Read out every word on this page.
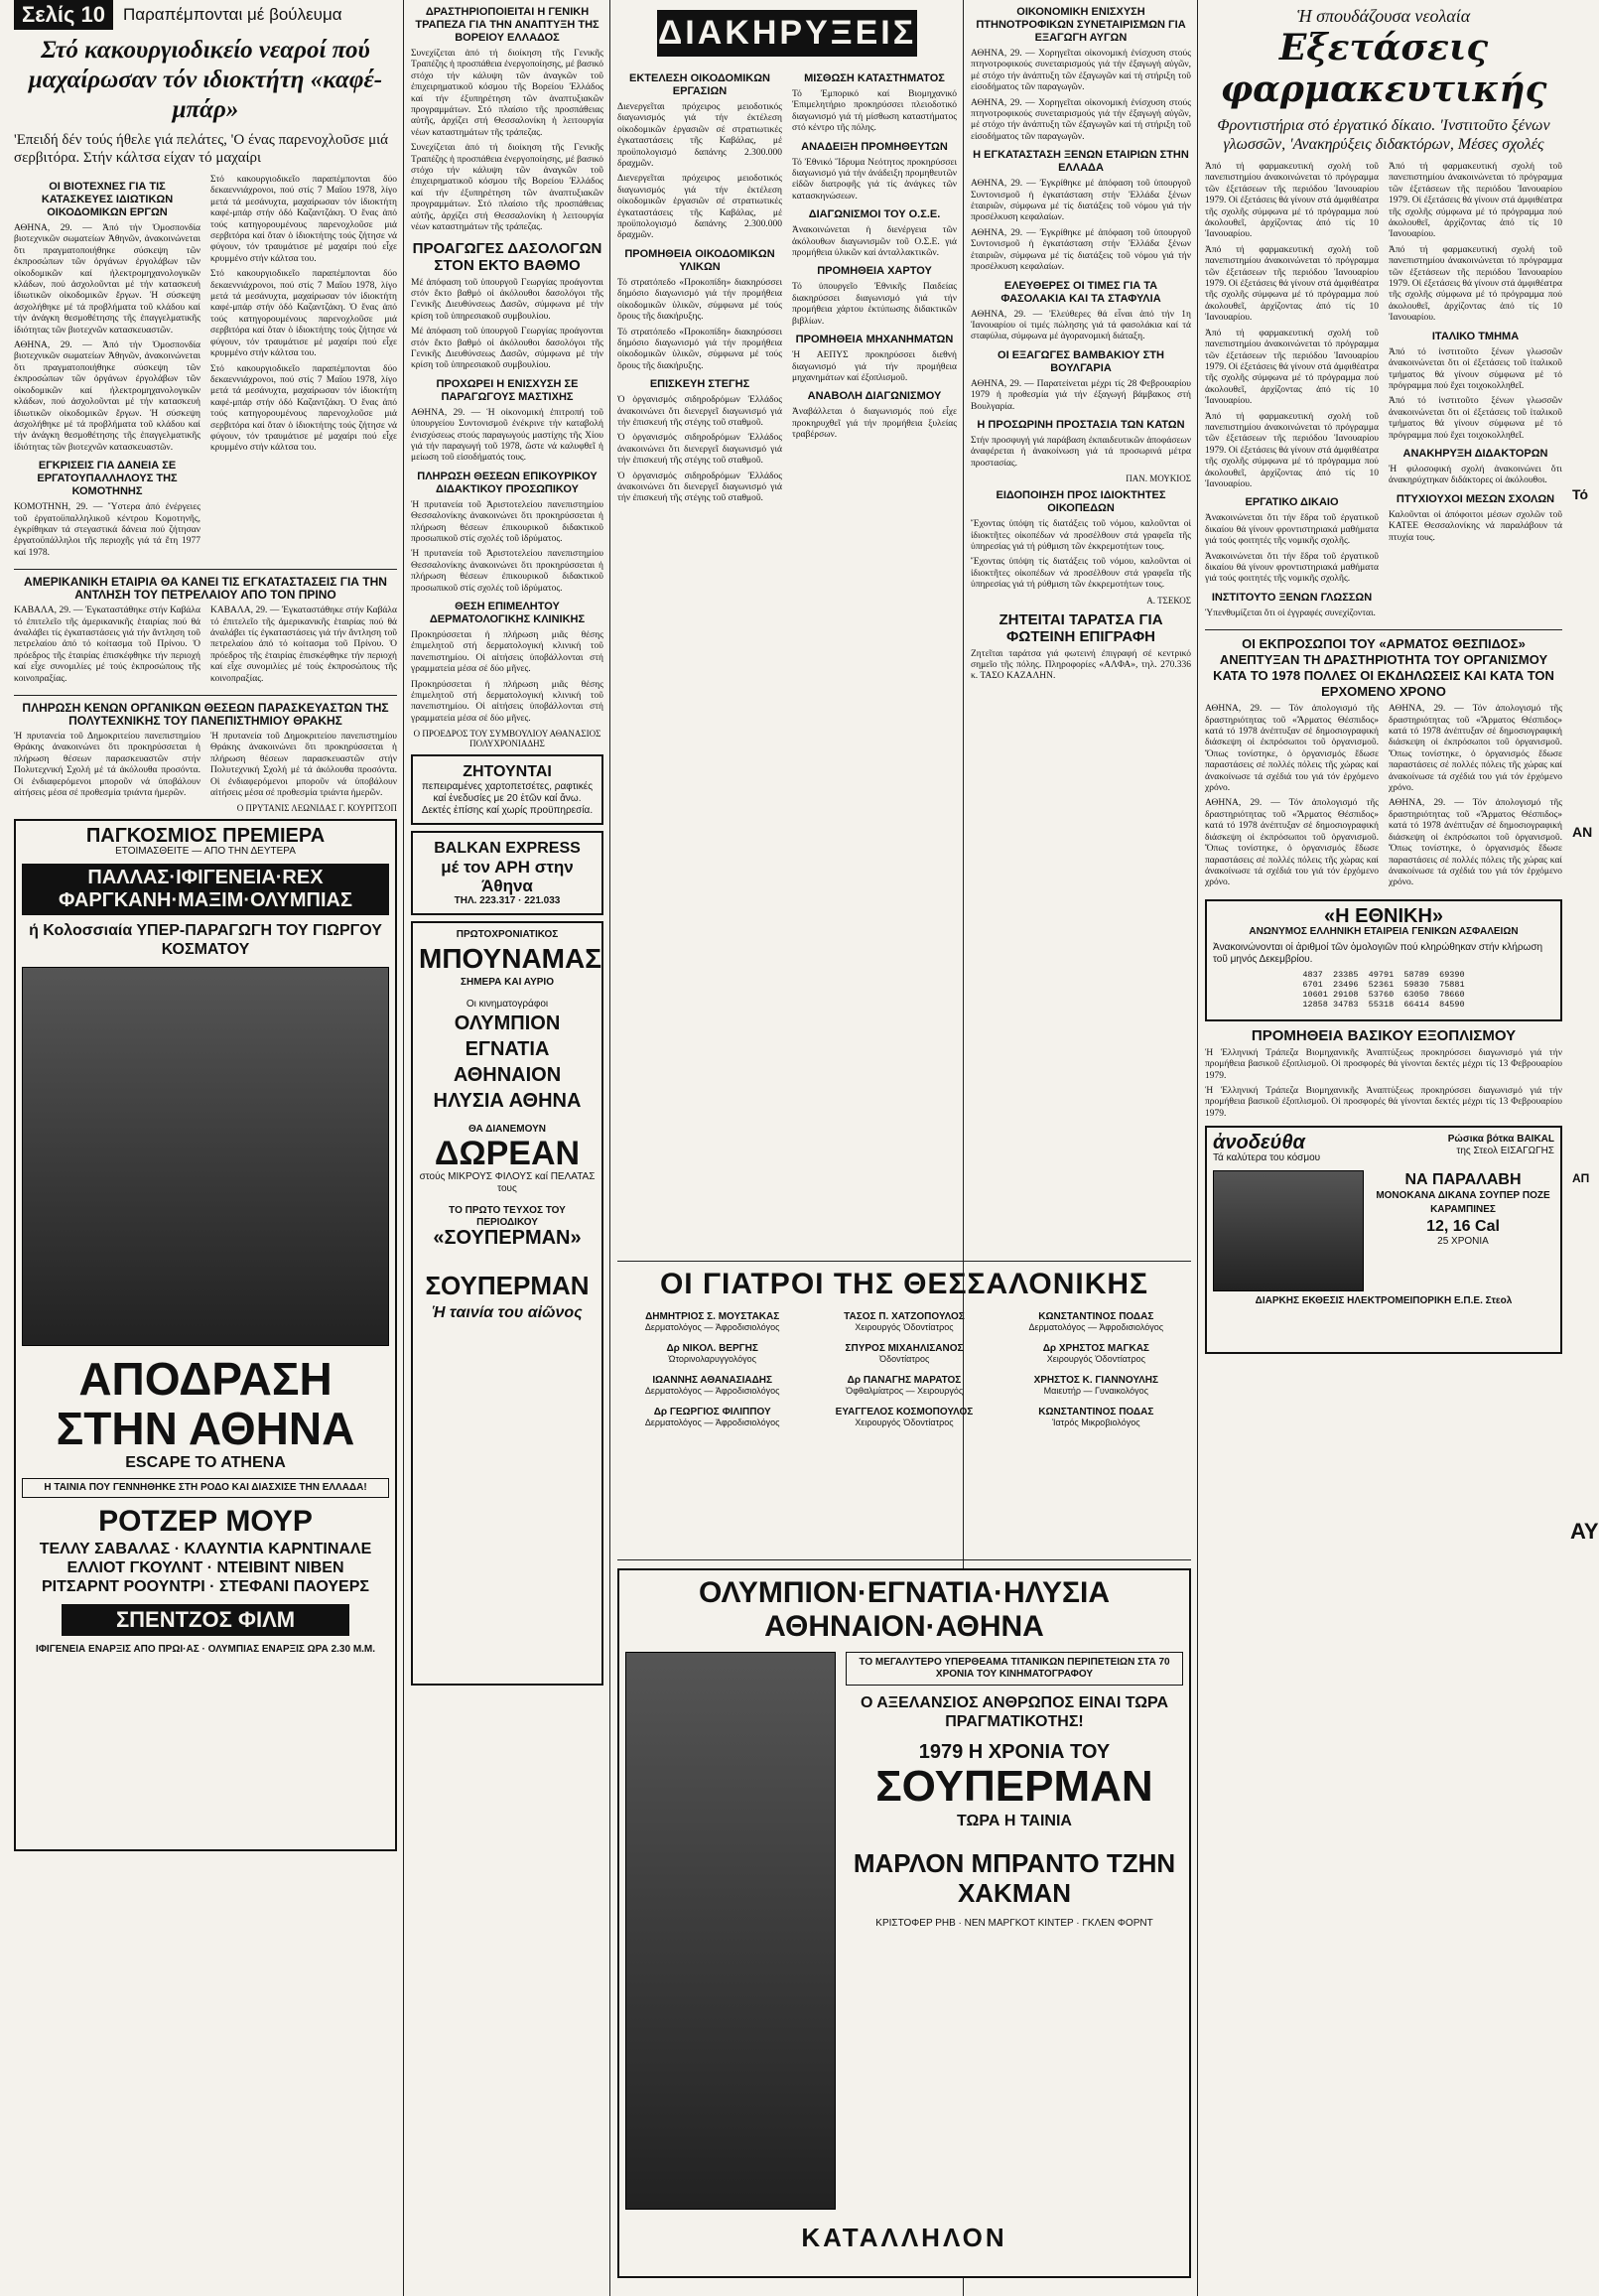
Σελίς 10	Παραπέμπονται μέ βούλευμα
Στό κακουργιοδικείο νεαροί πού μαχαίρωσαν τόν ιδιοκτήτη «καφέ-μπάρ»
'Επειδή δέν τούς ήθελε γιά πελάτες, 'Ο ένας παρενοχλοῦσε μιά σερβιτόρα. Στήν κάλτσα είχαν τό μαχαίρι
ΟΙ ΒΙΟΤΕΧΝΕΣ ΓΙΑ ΤΙΣ ΚΑΤΑΣΚΕΥΕΣ ΙΔΙΩΤΙΚΩΝ ΟΙΚΟΔΟΜΙΚΩΝ ΕΡΓΩΝ

ΑΘΗΝΑ, 29. — Ἀπό τήν Ὁμοσπονδία βιοτεχνικῶν σωματείων Ἀθηνῶν, ἀνακοινώνεται ὅτι πραγματοποιήθηκε σύσκεψη τῶν ἐκπροσώπων τῶν ὀργάνων ἐργολάβων τῶν οἰκοδομικῶν καί ἠλεκτρομηχανολογικῶν κλάδων, πού ἀσχολοῦνται μέ τήν κατασκευή ἰδιωτικῶν οἰκοδομικῶν ἔργων. Ἡ σύσκεψη ἀσχολήθηκε μέ τά προβλήματα τοῦ κλάδου καί τήν ἀνάγκη θεσμοθέτησης τῆς ἐπαγγελματικῆς ἰδιότητας τῶν βιοτεχνῶν κατασκευαστῶν.

ΑΘΗΝΑ, 29. — Ἀπό τήν Ὁμοσπονδία βιοτεχνικῶν σωματείων Ἀθηνῶν, ἀνακοινώνεται ὅτι πραγματοποιήθηκε σύσκεψη τῶν ἐκπροσώπων τῶν ὀργάνων ἐργολάβων τῶν οἰκοδομικῶν καί ἠλεκτρομηχανολογικῶν κλάδων, πού ἀσχολοῦνται μέ τήν κατασκευή ἰδιωτικῶν οἰκοδομικῶν ἔργων. Ἡ σύσκεψη ἀσχολήθηκε μέ τά προβλήματα τοῦ κλάδου καί τήν ἀνάγκη θεσμοθέτησης τῆς ἐπαγγελματικῆς ἰδιότητας τῶν βιοτεχνῶν κατασκευαστῶν.

ΕΓΚΡΙΣΕΙΣ ΓΙΑ ΔΑΝΕΙΑ ΣΕ ΕΡΓΑΤΟΥΠΑΛΛΗΛΟΥΣ ΤΗΣ ΚΟΜΟΤΗΝΗΣ

ΚΟΜΟΤΗΝΗ, 29. — Ὕστερα ἀπό ἐνέργειες τοῦ ἐργατοϋπαλληλικοῦ κέντρου Κομοτηνῆς, ἐγκρίθηκαν τά στεγαστικά δάνεια πού ζήτησαν ἐργατοϋπάλληλοι τῆς περιοχῆς γιά τά ἔτη 1977 καί 1978.

Στό κακουργιοδικεῖο παραπέμπονται δύο δεκαεννιάχρονοι, πού στίς 7 Μαΐου 1978, λίγο μετά τά μεσάνυχτα, μαχαίρωσαν τόν ἰδιοκτήτη καφέ-μπάρ στήν ὁδό Καζαντζάκη. Ὁ ἕνας ἀπό τούς κατηγορουμένους παρενοχλοῦσε μιά σερβιτόρα καί ὅταν ὁ ἰδιοκτήτης τούς ζήτησε νά φύγουν, τόν τραυμάτισε μέ μαχαίρι πού εἶχε κρυμμένο στήν κάλτσα του.

Στό κακουργιοδικεῖο παραπέμπονται δύο δεκαεννιάχρονοι, πού στίς 7 Μαΐου 1978, λίγο μετά τά μεσάνυχτα, μαχαίρωσαν τόν ἰδιοκτήτη καφέ-μπάρ στήν ὁδό Καζαντζάκη. Ὁ ἕνας ἀπό τούς κατηγορουμένους παρενοχλοῦσε μιά σερβιτόρα καί ὅταν ὁ ἰδιοκτήτης τούς ζήτησε νά φύγουν, τόν τραυμάτισε μέ μαχαίρι πού εἶχε κρυμμένο στήν κάλτσα του.

Στό κακουργιοδικεῖο παραπέμπονται δύο δεκαεννιάχρονοι, πού στίς 7 Μαΐου 1978, λίγο μετά τά μεσάνυχτα, μαχαίρωσαν τόν ἰδιοκτήτη καφέ-μπάρ στήν ὁδό Καζαντζάκη. Ὁ ἕνας ἀπό τούς κατηγορουμένους παρενοχλοῦσε μιά σερβιτόρα καί ὅταν ὁ ἰδιοκτήτης τούς ζήτησε νά φύγουν, τόν τραυμάτισε μέ μαχαίρι πού εἶχε κρυμμένο στήν κάλτσα του.

ΑΜΕΡΙΚΑΝΙΚΗ ΕΤΑΙΡΙΑ ΘΑ ΚΑΝΕΙ ΤΙΣ ΕΓΚΑΤΑΣΤΑΣΕΙΣ ΓΙΑ ΤΗΝ ΑΝΤΛΗΣΗ ΤΟΥ ΠΕΤΡΕΛΑΙΟΥ ΑΠΟ ΤΟΝ ΠΡΙΝΟ

ΚΑΒΑΛΑ, 29. — Ἐγκαταστάθηκε στήν Καβάλα τό ἐπιτελεῖο τῆς ἀμερικανικῆς ἑταιρίας πού θά ἀναλάβει τίς ἐγκαταστάσεις γιά τήν ἄντληση τοῦ πετρελαίου ἀπό τό κοίτασμα τοῦ Πρίνου. Ὁ πρόεδρος τῆς ἑταιρίας ἐπισκέφθηκε τήν περιοχή καί εἶχε συνομιλίες μέ τούς ἐκπροσώπους τῆς κοινοπραξίας.

ΚΑΒΑΛΑ, 29. — Ἐγκαταστάθηκε στήν Καβάλα τό ἐπιτελεῖο τῆς ἀμερικανικῆς ἑταιρίας πού θά ἀναλάβει τίς ἐγκαταστάσεις γιά τήν ἄντληση τοῦ πετρελαίου ἀπό τό κοίτασμα τοῦ Πρίνου. Ὁ πρόεδρος τῆς ἑταιρίας ἐπισκέφθηκε τήν περιοχή καί εἶχε συνομιλίες μέ τούς ἐκπροσώπους τῆς κοινοπραξίας.

ΠΛΗΡΩΣΗ ΚΕΝΩΝ ΟΡΓΑΝΙΚΩΝ ΘΕΣΕΩΝ ΠΑΡΑΣΚΕΥΑΣΤΩΝ ΤΗΣ ΠΟΛΥΤΕΧΝΙΚΗΣ ΤΟΥ ΠΑΝΕΠΙΣΤΗΜΙΟΥ ΘΡΑΚΗΣ

Ἡ πρυτανεία τοῦ Δημοκριτείου πανεπιστημίου Θράκης ἀνακοινώνει ὅτι προκηρύσσεται ἡ πλήρωση θέσεων παρασκευαστῶν στήν Πολυτεχνική Σχολή μέ τά ἀκόλουθα προσόντα. Οἱ ἐνδιαφερόμενοι μποροῦν νά ὑποβάλουν αἰτήσεις μέσα σέ προθεσμία τριάντα ἡμερῶν.

Ἡ πρυτανεία τοῦ Δημοκριτείου πανεπιστημίου Θράκης ἀνακοινώνει ὅτι προκηρύσσεται ἡ πλήρωση θέσεων παρασκευαστῶν στήν Πολυτεχνική Σχολή μέ τά ἀκόλουθα προσόντα. Οἱ ἐνδιαφερόμενοι μποροῦν νά ὑποβάλουν αἰτήσεις μέσα σέ προθεσμία τριάντα ἡμερῶν.

Ο ΠΡΥΤΑΝΙΣ ΛΕΩΝΙΔΑΣ Γ. ΚΟΥΡΙΤΣΟΠ
ΠΑΓΚΟΣΜΙΟΣ ΠΡΕΜΙΕΡΑ
ΕΤΟΙΜΑΣΘΕΙΤΕ — ΑΠΟ ΤΗΝ ΔΕΥΤΕΡΑ
ΠΑΛΛΑΣ·ΙΦΙΓΕΝΕΙΑ·REX ΦΑΡΓΚΑΝΗ·ΜΑΞΙΜ·ΟΛΥΜΠΙΑΣ
ή Κολοσσιαία ΥΠΕΡ-ΠΑΡΑΓΩΓΗ ΤΟΥ ΓΙΩΡΓΟΥ ΚΟΣΜΑΤΟΥ
ΑΠΟΔΡΑΣΗ ΣΤΗΝ ΑΘΗΝΑ
ESCAPE TO ATHENA
Η ΤΑΙΝΙΑ ΠΟΥ ΓΕΝΝΗΘΗΚΕ ΣΤΗ ΡΟΔΟ ΚΑΙ ΔΙΑΣΧΙΣΕ ΤΗΝ ΕΛΛΑΔΑ!
ΡΟΤΖΕΡ ΜΟΥΡ
ΤΕΛΛΥ ΣΑΒΑΛΑΣ · ΚΛΑΥΝΤΙΑ ΚΑΡΝΤΙΝΑΛΕ
ΕΛΛΙΟΤ ΓΚΟΥΛΝΤ · ΝΤΕΙΒΙΝΤ ΝΙΒΕΝ
ΡΙΤΣΑΡΝΤ ΡΟΟΥΝΤΡΙ · ΣΤΕΦΑΝΙ ΠΑΟΥΕΡΣ
ΣΠΕΝΤΖΟΣ ΦΙΛΜ
ΙΦΙΓΕΝΕΙΑ ΕΝΑΡΞΙΣ ΑΠΟ ΠΡΩΙ·ΑΣ · ΟΛΥΜΠΙΑΣ ΕΝΑΡΞΙΣ ΩΡΑ 2.30 Μ.Μ.
ΔΡΑΣΤΗΡΙΟΠΟΙΕΙΤΑΙ Η ΓΕΝΙΚΗ ΤΡΑΠΕΖΑ ΓΙΑ ΤΗΝ ΑΝΑΠΤΥΞΗ ΤΗΣ ΒΟΡΕΙΟΥ ΕΛΛΑΔΟΣ

Συνεχίζεται ἀπό τή διοίκηση τῆς Γενικῆς Τραπέζης ἡ προσπάθεια ἐνεργοποίησης, μέ βασικό στόχο τήν κάλυψη τῶν ἀναγκῶν τοῦ ἐπιχειρηματικοῦ κόσμου τῆς Βορείου Ἑλλάδος καί τήν ἐξυπηρέτηση τῶν ἀναπτυξιακῶν προγραμμάτων. Στό πλαίσιο τῆς προσπάθειας αὐτῆς, ἀρχίζει στή Θεσσαλονίκη ἡ λειτουργία νέων καταστημάτων τῆς τράπεζας.

Συνεχίζεται ἀπό τή διοίκηση τῆς Γενικῆς Τραπέζης ἡ προσπάθεια ἐνεργοποίησης, μέ βασικό στόχο τήν κάλυψη τῶν ἀναγκῶν τοῦ ἐπιχειρηματικοῦ κόσμου τῆς Βορείου Ἑλλάδος καί τήν ἐξυπηρέτηση τῶν ἀναπτυξιακῶν προγραμμάτων. Στό πλαίσιο τῆς προσπάθειας αὐτῆς, ἀρχίζει στή Θεσσαλονίκη ἡ λειτουργία νέων καταστημάτων τῆς τράπεζας.

ΠΡΟΑΓΩΓΕΣ ΔΑΣΟΛΟΓΩΝ ΣΤΟΝ ΕΚΤΟ ΒΑΘΜΟ

Μέ ἀπόφαση τοῦ ὑπουργοῦ Γεωργίας προάγονται στόν ἕκτο βαθμό οἱ ἀκόλουθοι δασολόγοι τῆς Γενικῆς Διευθύνσεως Δασῶν, σύμφωνα μέ τήν κρίση τοῦ ὑπηρεσιακοῦ συμβουλίου.

Μέ ἀπόφαση τοῦ ὑπουργοῦ Γεωργίας προάγονται στόν ἕκτο βαθμό οἱ ἀκόλουθοι δασολόγοι τῆς Γενικῆς Διευθύνσεως Δασῶν, σύμφωνα μέ τήν κρίση τοῦ ὑπηρεσιακοῦ συμβουλίου.

ΠΡΟΧΩΡΕΙ Η ΕΝΙΣΧΥΣΗ ΣΕ ΠΑΡΑΓΩΓΟΥΣ ΜΑΣΤΙΧΗΣ

ΑΘΗΝΑ, 29. — Ἡ οἰκονομική ἐπιτροπή τοῦ ὑπουργείου Συντονισμοῦ ἐνέκρινε τήν καταβολή ἐνισχύσεως στούς παραγωγούς μαστίχης τῆς Χίου γιά τήν παραγωγή τοῦ 1978, ὥστε νά καλυφθεῖ ἡ μείωση τοῦ εἰσοδήματός τους.

ΠΛΗΡΩΣΗ ΘΕΣΕΩΝ ΕΠΙΚΟΥΡΙΚΟΥ ΔΙΔΑΚΤΙΚΟΥ ΠΡΟΣΩΠΙΚΟΥ

Ἡ πρυτανεία τοῦ Ἀριστοτελείου πανεπιστημίου Θεσσαλονίκης ἀνακοινώνει ὅτι προκηρύσσεται ἡ πλήρωση θέσεων ἐπικουρικοῦ διδακτικοῦ προσωπικοῦ στίς σχολές τοῦ ἱδρύματος.

Ἡ πρυτανεία τοῦ Ἀριστοτελείου πανεπιστημίου Θεσσαλονίκης ἀνακοινώνει ὅτι προκηρύσσεται ἡ πλήρωση θέσεων ἐπικουρικοῦ διδακτικοῦ προσωπικοῦ στίς σχολές τοῦ ἱδρύματος.

ΘΕΣΗ ΕΠΙΜΕΛΗΤΟΥ ΔΕΡΜΑΤΟΛΟΓΙΚΗΣ ΚΛΙΝΙΚΗΣ

Προκηρύσσεται ἡ πλήρωση μιᾶς θέσης ἐπιμελητοῦ στή δερματολογική κλινική τοῦ πανεπιστημίου. Οἱ αἰτήσεις ὑποβάλλονται στή γραμματεία μέσα σέ δύο μῆνες.

Προκηρύσσεται ἡ πλήρωση μιᾶς θέσης ἐπιμελητοῦ στή δερματολογική κλινική τοῦ πανεπιστημίου. Οἱ αἰτήσεις ὑποβάλλονται στή γραμματεία μέσα σέ δύο μῆνες.

Ο ΠΡΟΕΔΡΟΣ ΤΟΥ ΣΥΜΒΟΥΛΙΟΥ ΑΘΑΝΑΣΙΟΣ ΠΟΛΥΧΡΟΝΙΑΔΗΣ
ΖΗΤΟΥΝΤΑΙ
πεπειραμένες χαρτοπετσέτες, ραφτικές καί ἐνεδυσίες με 20 ἐτῶν καί ἄνω. Δεκτές ἐπίσης καί χωρίς προϋπηρεσία.
BALKAN EXPRESS
μέ τον ΑΡΗ στην Άθηνα
ΤΗΛ. 223.317 · 221.033
ΠΡΩΤΟΧΡΟΝΙΑΤΙΚΟΣ
ΜΠΟΥΝΑΜΑΣ
ΣΗΜΕΡΑ ΚΑΙ ΑΥΡΙΟ
Οι κινηματογράφοι
ΟΛΥΜΠΙΟΝ ΕΓΝΑΤΙΑ ΑΘΗΝΑΙΟΝ ΗΛΥΣΙΑ ΑΘΗΝΑ
ΘΑ ΔΙΑΝΕΜΟΥΝ
ΔΩΡΕΑΝ
στούς ΜΙΚΡΟΥΣ ΦΙΛΟΥΣ καί ΠΕΛΑΤΑΣ τους
ΤΟ ΠΡΩΤΟ ΤΕΥΧΟΣ ΤΟΥ ΠΕΡΙΟΔΙΚΟΥ
«ΣΟΥΠΕΡΜΑΝ»
ΣΟΥΠΕΡΜΑΝ
Ἡ ταινία του αἰῶνος
ΔΙΑΚΗΡΥΞΕΙΣ
ΕΚΤΕΛΕΣΗ ΟΙΚΟΔΟΜΙΚΩΝ ΕΡΓΑΣΙΩΝ

Διενεργεῖται πρόχειρος μειοδοτικός διαγωνισμός γιά τήν ἐκτέλεση οἰκοδομικῶν ἐργασιῶν σέ στρατιωτικές ἐγκαταστάσεις τῆς Καβάλας, μέ προϋπολογισμό δαπάνης 2.300.000 δραχμῶν.

Διενεργεῖται πρόχειρος μειοδοτικός διαγωνισμός γιά τήν ἐκτέλεση οἰκοδομικῶν ἐργασιῶν σέ στρατιωτικές ἐγκαταστάσεις τῆς Καβάλας, μέ προϋπολογισμό δαπάνης 2.300.000 δραχμῶν.

ΠΡΟΜΗΘΕΙΑ ΟΙΚΟΔΟΜΙΚΩΝ ΥΛΙΚΩΝ

Τό στρατόπεδο «Προκοπίδη» διακηρύσσει δημόσιο διαγωνισμό γιά τήν προμήθεια οἰκοδομικῶν ὑλικῶν, σύμφωνα μέ τούς ὅρους τῆς διακήρυξης.

Τό στρατόπεδο «Προκοπίδη» διακηρύσσει δημόσιο διαγωνισμό γιά τήν προμήθεια οἰκοδομικῶν ὑλικῶν, σύμφωνα μέ τούς ὅρους τῆς διακήρυξης.

ΕΠΙΣΚΕΥΗ ΣΤΕΓΗΣ

Ὁ ὀργανισμός σιδηροδρόμων Ἑλλάδος ἀνακοινώνει ὅτι διενεργεῖ διαγωνισμό γιά τήν ἐπισκευή τῆς στέγης τοῦ σταθμοῦ.

Ὁ ὀργανισμός σιδηροδρόμων Ἑλλάδος ἀνακοινώνει ὅτι διενεργεῖ διαγωνισμό γιά τήν ἐπισκευή τῆς στέγης τοῦ σταθμοῦ.

Ὁ ὀργανισμός σιδηροδρόμων Ἑλλάδος ἀνακοινώνει ὅτι διενεργεῖ διαγωνισμό γιά τήν ἐπισκευή τῆς στέγης τοῦ σταθμοῦ.

ΜΙΣΘΩΣΗ ΚΑΤΑΣΤΗΜΑΤΟΣ

Τό Ἐμπορικό καί Βιομηχανικό Ἐπιμελητήριο προκηρύσσει πλειοδοτικό διαγωνισμό γιά τή μίσθωση καταστήματος στό κέντρο τῆς πόλης.

ΑΝΑΔΕΙΞΗ ΠΡΟΜΗΘΕΥΤΩΝ

Τό Ἐθνικό Ἵδρυμα Νεότητος προκηρύσσει διαγωνισμό γιά τήν ἀνάδειξη προμηθευτῶν εἰδῶν διατροφῆς γιά τίς ἀνάγκες τῶν κατασκηνώσεων.

ΔΙΑΓΩΝΙΣΜΟΙ ΤΟΥ Ο.Σ.Ε.

Ἀνακοινώνεται ἡ διενέργεια τῶν ἀκόλουθων διαγωνισμῶν τοῦ Ο.Σ.Ε. γιά προμήθεια ὑλικῶν καί ἀνταλλακτικῶν.

ΠΡΟΜΗΘΕΙΑ ΧΑΡΤΟΥ

Τό ὑπουργεῖο Ἐθνικῆς Παιδείας διακηρύσσει διαγωνισμό γιά τήν προμήθεια χάρτου ἐκτύπωσης διδακτικῶν βιβλίων.

ΠΡΟΜΗΘΕΙΑ ΜΗΧΑΝΗΜΑΤΩΝ

Ἡ ΑΕΠΥΣ προκηρύσσει διεθνή διαγωνισμό γιά τήν προμήθεια μηχανημάτων καί ἐξοπλισμοῦ.

ΑΝΑΒΟΛΗ ΔΙΑΓΩΝΙΣΜΟΥ

Ἀναβάλλεται ὁ διαγωνισμός πού εἶχε προκηρυχθεῖ γιά τήν προμήθεια ξυλείας τραβέρσων.

ΟΙΚΟΝΟΜΙΚΗ ΕΝΙΣΧΥΣΗ ΠΤΗΝΟΤΡΟΦΙΚΩΝ ΣΥΝΕΤΑΙΡΙΣΜΩΝ ΓΙΑ ΕΞΑΓΩΓΗ ΑΥΓΩΝ

ΑΘΗΝΑ, 29. — Χορηγεῖται οἰκονομική ἐνίσχυση στούς πτηνοτροφικούς συνεταιρισμούς γιά τήν ἐξαγωγή αὐγῶν, μέ στόχο τήν ἀνάπτυξη τῶν ἐξαγωγῶν καί τή στήριξη τοῦ εἰσοδήματος τῶν παραγωγῶν.

ΑΘΗΝΑ, 29. — Χορηγεῖται οἰκονομική ἐνίσχυση στούς πτηνοτροφικούς συνεταιρισμούς γιά τήν ἐξαγωγή αὐγῶν, μέ στόχο τήν ἀνάπτυξη τῶν ἐξαγωγῶν καί τή στήριξη τοῦ εἰσοδήματος τῶν παραγωγῶν.

Η ΕΓΚΑΤΑΣΤΑΣΗ ΞΕΝΩΝ ΕΤΑΙΡΙΩΝ ΣΤΗΝ ΕΛΛΑΔΑ

ΑΘΗΝΑ, 29. — Ἐγκρίθηκε μέ ἀπόφαση τοῦ ὑπουργοῦ Συντονισμοῦ ἡ ἐγκατάσταση στήν Ἑλλάδα ξένων ἑταιριῶν, σύμφωνα μέ τίς διατάξεις τοῦ νόμου γιά τήν προσέλκυση κεφαλαίων.

ΑΘΗΝΑ, 29. — Ἐγκρίθηκε μέ ἀπόφαση τοῦ ὑπουργοῦ Συντονισμοῦ ἡ ἐγκατάσταση στήν Ἑλλάδα ξένων ἑταιριῶν, σύμφωνα μέ τίς διατάξεις τοῦ νόμου γιά τήν προσέλκυση κεφαλαίων.

ΕΛΕΥΘΕΡΕΣ ΟΙ ΤΙΜΕΣ ΓΙΑ ΤΑ ΦΑΣΟΛΑΚΙΑ ΚΑΙ ΤΑ ΣΤΑΦΥΛΙΑ

ΑΘΗΝΑ, 29. — Ἐλεύθερες θά εἶναι ἀπό τήν 1η Ἰανουαρίου οἱ τιμές πώλησης γιά τά φασολάκια καί τά σταφύλια, σύμφωνα μέ ἀγορανομική διάταξη.

ΟΙ ΕΞΑΓΩΓΕΣ ΒΑΜΒΑΚΙΟΥ ΣΤΗ ΒΟΥΛΓΑΡΙΑ

ΑΘΗΝΑ, 29. — Παρατείνεται μέχρι τίς 28 Φεβρουαρίου 1979 ἡ προθεσμία γιά τήν ἐξαγωγή βάμβακος στή Βουλγαρία.

Η ΠΡΟΣΩΡΙΝΗ ΠΡΟΣΤΑΣΙΑ ΤΩΝ ΚΑΤΩΝ

Στήν προσφυγή γιά παράβαση ἐκπαιδευτικῶν ἀποφάσεων ἀναφέρεται ἡ ἀνακοίνωση γιά τά προσωρινά μέτρα προστασίας.

ΠΑΝ. ΜΟΥΚΙΟΣ
ΕΙΔΟΠΟΙΗΣΗ ΠΡΟΣ ΙΔΙΟΚΤΗΤΕΣ ΟΙΚΟΠΕΔΩΝ

Ἔχοντας ὑπόψη τίς διατάξεις τοῦ νόμου, καλοῦνται οἱ ἰδιοκτῆτες οἰκοπέδων νά προσέλθουν στά γραφεῖα τῆς ὑπηρεσίας γιά τή ρύθμιση τῶν ἐκκρεμοτήτων τους.

Ἔχοντας ὑπόψη τίς διατάξεις τοῦ νόμου, καλοῦνται οἱ ἰδιοκτῆτες οἰκοπέδων νά προσέλθουν στά γραφεῖα τῆς ὑπηρεσίας γιά τή ρύθμιση τῶν ἐκκρεμοτήτων τους.

Α. ΤΣΕΚΟΣ
ΖΗΤΕΙΤΑΙ ΤΑΡΑΤΣΑ ΓΙΑ ΦΩΤΕΙΝΗ ΕΠΙΓΡΑΦΗ

Ζητεῖται ταράτσα γιά φωτεινή ἐπιγραφή σέ κεντρικό σημεῖο τῆς πόλης. Πληροφορίες «ΑΛΦΑ», τηλ. 270.336 κ. ΤΑΣΟ ΚΑΖΑΛΗΝ.

ΟΙ ΓΙΑΤΡΟΙ ΤΗΣ ΘΕΣΣΑΛΟΝΙΚΗΣ
ΔΗΜΗΤΡΙΟΣ Σ. ΜΟΥΣΤΑΚΑΣ
Δερματολόγος — Ἀφροδισιολόγος
ΤΑΣΟΣ Π. ΧΑΤΖΟΠΟΥΛΟΣ
Χειρουργός Ὀδοντίατρος
ΚΩΝΣΤΑΝΤΙΝΟΣ ΠΟΔΑΣ
Δερματολόγος — Ἀφροδισιολόγος
Δρ ΝΙΚΟΛ. ΒΕΡΓΗΣ
Ὠτορινολαρυγγολόγος
ΣΠΥΡΟΣ ΜΙΧΑΗΛΙΣΑΝΟΣ
Ὀδοντίατρος
Δρ ΧΡΗΣΤΟΣ ΜΑΓΚΑΣ
Χειρουργός Ὀδοντίατρος
ΙΩΑΝΝΗΣ ΑΘΑΝΑΣΙΑΔΗΣ
Δερματολόγος — Ἀφροδισιολόγος
Δρ ΠΑΝΑΓΗΣ ΜΑΡΑΤΟΣ
Ὀφθαλμίατρος — Χειρουργός
ΧΡΗΣΤΟΣ Κ. ΓΙΑΝΝΟΥΛΗΣ
Μαιευτήρ — Γυναικολόγος
Δρ ΓΕΩΡΓΙΟΣ ΦΙΛΙΠΠΟΥ
Δερματολόγος — Ἀφροδισιολόγος
ΕΥΑΓΓΕΛΟΣ ΚΟΣΜΟΠΟΥΛΟΣ
Χειρουργός Ὀδοντίατρος
ΚΩΝΣΤΑΝΤΙΝΟΣ ΠΟΔΑΣ
Ἰατρός Μικροβιολόγος
ΟΛΥΜΠΙΟΝ·ΕΓΝΑΤΙΑ·ΗΛΥΣΙΑ ΑΘΗΝΑΙΟΝ·ΑΘΗΝΑ
ΤΟ ΜΕΓΑΛΥΤΕΡΟ ΥΠΕΡΘΕΑΜΑ ΤΙΤΑΝΙΚΩΝ ΠΕΡΙΠΕΤΕΙΩΝ ΣΤΑ 70 ΧΡΟΝΙΑ ΤΟΥ ΚΙΝΗΜΑΤΟΓΡΑΦΟΥ
Ο ΑΞΕΛΑΝΣΙΟΣ ΑΝΘΡΩΠΟΣ ΕΙΝΑΙ ΤΩΡΑ ΠΡΑΓΜΑΤΙΚΟΤΗΣ!
1979 Η ΧΡΟΝΙΑ ΤΟΥ
ΣΟΥΠΕΡΜΑΝ
ΤΩΡΑ Η ΤΑΙΝΙΑ
ΜΑΡΛΟΝ ΜΠΡΑΝΤΟ ΤΖΗΝ ΧΑΚΜΑΝ
ΚΡΙΣΤΟΦΕΡ ΡΗΒ · ΝΕΝ ΜΑΡΓΚΟΤ ΚΙΝΤΕΡ · ΓΚΛΕΝ ΦΟΡΝΤ
ΚΑΤΑΛΛΗΛΟΝ
Ἡ σπουδάζουσα νεολαία
Εξετάσεις φαρμακευτικής
Φροντιστήρια στό ἐργατικό δίκαιο. 'Ινστιτοῦτο ξένων γλωσσῶν, 'Ανακηρύξεις διδακτόρων, Μέσες σχολές

Ἀπό τή φαρμακευτική σχολή τοῦ πανεπιστημίου ἀνακοινώνεται τό πρόγραμμα τῶν ἐξετάσεων τῆς περιόδου Ἰανουαρίου 1979. Οἱ ἐξετάσεις θά γίνουν στά ἀμφιθέατρα τῆς σχολῆς σύμφωνα μέ τό πρόγραμμα πού ἀκολουθεῖ, ἀρχίζοντας ἀπό τίς 10 Ἰανουαρίου.

Ἀπό τή φαρμακευτική σχολή τοῦ πανεπιστημίου ἀνακοινώνεται τό πρόγραμμα τῶν ἐξετάσεων τῆς περιόδου Ἰανουαρίου 1979. Οἱ ἐξετάσεις θά γίνουν στά ἀμφιθέατρα τῆς σχολῆς σύμφωνα μέ τό πρόγραμμα πού ἀκολουθεῖ, ἀρχίζοντας ἀπό τίς 10 Ἰανουαρίου.

Ἀπό τή φαρμακευτική σχολή τοῦ πανεπιστημίου ἀνακοινώνεται τό πρόγραμμα τῶν ἐξετάσεων τῆς περιόδου Ἰανουαρίου 1979. Οἱ ἐξετάσεις θά γίνουν στά ἀμφιθέατρα τῆς σχολῆς σύμφωνα μέ τό πρόγραμμα πού ἀκολουθεῖ, ἀρχίζοντας ἀπό τίς 10 Ἰανουαρίου.

Ἀπό τή φαρμακευτική σχολή τοῦ πανεπιστημίου ἀνακοινώνεται τό πρόγραμμα τῶν ἐξετάσεων τῆς περιόδου Ἰανουαρίου 1979. Οἱ ἐξετάσεις θά γίνουν στά ἀμφιθέατρα τῆς σχολῆς σύμφωνα μέ τό πρόγραμμα πού ἀκολουθεῖ, ἀρχίζοντας ἀπό τίς 10 Ἰανουαρίου.

ΕΡΓΑΤΙΚΟ ΔΙΚΑΙΟ

Ἀνακοινώνεται ὅτι τήν ἔδρα τοῦ ἐργατικοῦ δικαίου θά γίνουν φροντιστηριακά μαθήματα γιά τούς φοιτητές τῆς νομικῆς σχολῆς.

Ἀνακοινώνεται ὅτι τήν ἔδρα τοῦ ἐργατικοῦ δικαίου θά γίνουν φροντιστηριακά μαθήματα γιά τούς φοιτητές τῆς νομικῆς σχολῆς.

ΙΝΣΤΙΤΟΥΤΟ ΞΕΝΩΝ ΓΛΩΣΣΩΝ

Ὑπενθυμίζεται ὅτι οἱ ἐγγραφές συνεχίζονται.

Ἀπό τή φαρμακευτική σχολή τοῦ πανεπιστημίου ἀνακοινώνεται τό πρόγραμμα τῶν ἐξετάσεων τῆς περιόδου Ἰανουαρίου 1979. Οἱ ἐξετάσεις θά γίνουν στά ἀμφιθέατρα τῆς σχολῆς σύμφωνα μέ τό πρόγραμμα πού ἀκολουθεῖ, ἀρχίζοντας ἀπό τίς 10 Ἰανουαρίου.

Ἀπό τή φαρμακευτική σχολή τοῦ πανεπιστημίου ἀνακοινώνεται τό πρόγραμμα τῶν ἐξετάσεων τῆς περιόδου Ἰανουαρίου 1979. Οἱ ἐξετάσεις θά γίνουν στά ἀμφιθέατρα τῆς σχολῆς σύμφωνα μέ τό πρόγραμμα πού ἀκολουθεῖ, ἀρχίζοντας ἀπό τίς 10 Ἰανουαρίου.

ΙΤΑΛΙΚΟ ΤΜΗΜΑ

Ἀπό τό ἰνστιτοῦτο ξένων γλωσσῶν ἀνακοινώνεται ὅτι οἱ ἐξετάσεις τοῦ ἰταλικοῦ τμήματος θά γίνουν σύμφωνα μέ τό πρόγραμμα πού ἔχει τοιχοκολληθεῖ.

Ἀπό τό ἰνστιτοῦτο ξένων γλωσσῶν ἀνακοινώνεται ὅτι οἱ ἐξετάσεις τοῦ ἰταλικοῦ τμήματος θά γίνουν σύμφωνα μέ τό πρόγραμμα πού ἔχει τοιχοκολληθεῖ.

ΑΝΑΚΗΡΥΞΗ ΔΙΔΑΚΤΟΡΩΝ

Ἡ φιλοσοφική σχολή ἀνακοινώνει ὅτι ἀνακηρύχτηκαν διδάκτορες οἱ ἀκόλουθοι.

ΠΤΥΧΙΟΥΧΟΙ ΜΕΣΩΝ ΣΧΟΛΩΝ

Καλοῦνται οἱ ἀπόφοιτοι μέσων σχολῶν τοῦ ΚΑΤΕΕ Θεσσαλονίκης νά παραλάβουν τά πτυχία τους.

ΟΙ ΕΚΠΡΟΣΩΠΟΙ ΤΟΥ «ΑΡΜΑΤΟΣ ΘΕΣΠΙΔΟΣ» ΑΝΕΠΤΥΞΑΝ ΤΗ ΔΡΑΣΤΗΡΙΟΤΗΤΑ ΤΟΥ ΟΡΓΑΝΙΣΜΟΥ ΚΑΤΑ ΤΟ 1978 ΠΟΛΛΕΣ ΟΙ ΕΚΔΗΛΩΣΕΙΣ ΚΑΙ ΚΑΤΑ ΤΟΝ ΕΡΧΟΜΕΝΟ ΧΡΟΝΟ

ΑΘΗΝΑ, 29. — Τόν ἀπολογισμό τῆς δραστηριότητας τοῦ «Ἅρματος Θέσπιδος» κατά τό 1978 ἀνέπτυξαν σέ δημοσιογραφική διάσκεψη οἱ ἐκπρόσωποι τοῦ ὀργανισμοῦ. Ὅπως τονίστηκε, ὁ ὀργανισμός ἔδωσε παραστάσεις σέ πολλές πόλεις τῆς χώρας καί ἀνακοίνωσε τά σχέδιά του γιά τόν ἐρχόμενο χρόνο.

ΑΘΗΝΑ, 29. — Τόν ἀπολογισμό τῆς δραστηριότητας τοῦ «Ἅρματος Θέσπιδος» κατά τό 1978 ἀνέπτυξαν σέ δημοσιογραφική διάσκεψη οἱ ἐκπρόσωποι τοῦ ὀργανισμοῦ. Ὅπως τονίστηκε, ὁ ὀργανισμός ἔδωσε παραστάσεις σέ πολλές πόλεις τῆς χώρας καί ἀνακοίνωσε τά σχέδιά του γιά τόν ἐρχόμενο χρόνο.

ΑΘΗΝΑ, 29. — Τόν ἀπολογισμό τῆς δραστηριότητας τοῦ «Ἅρματος Θέσπιδος» κατά τό 1978 ἀνέπτυξαν σέ δημοσιογραφική διάσκεψη οἱ ἐκπρόσωποι τοῦ ὀργανισμοῦ. Ὅπως τονίστηκε, ὁ ὀργανισμός ἔδωσε παραστάσεις σέ πολλές πόλεις τῆς χώρας καί ἀνακοίνωσε τά σχέδιά του γιά τόν ἐρχόμενο χρόνο.

ΑΘΗΝΑ, 29. — Τόν ἀπολογισμό τῆς δραστηριότητας τοῦ «Ἅρματος Θέσπιδος» κατά τό 1978 ἀνέπτυξαν σέ δημοσιογραφική διάσκεψη οἱ ἐκπρόσωποι τοῦ ὀργανισμοῦ. Ὅπως τονίστηκε, ὁ ὀργανισμός ἔδωσε παραστάσεις σέ πολλές πόλεις τῆς χώρας καί ἀνακοίνωσε τά σχέδιά του γιά τόν ἐρχόμενο χρόνο.

«Η ΕΘΝΙΚΗ»
ΑΝΩΝΥΜΟΣ ΕΛΛΗΝΙΚΗ ΕΤΑΙΡΕΙΑ ΓΕΝΙΚΩΝ ΑΣΦΑΛΕΙΩΝ
Ἀνακοινώνονται οἱ ἀριθμοί τῶν ὁμολογιῶν πού κληρώθηκαν στήν κλήρωση τοῦ μηνός Δεκεμβρίου.
4837  23385  49791  58789  69390
6701  23496  52361  59830  75881
10601 29108  53760  63050  78660
12858 34783  55318  66414  84590
ΠΡΟΜΗΘΕΙΑ ΒΑΣΙΚΟΥ ΕΞΟΠΛΙΣΜΟΥ

Ἡ Ἑλληνική Τράπεζα Βιομηχανικῆς Ἀναπτύξεως προκηρύσσει διαγωνισμό γιά τήν προμήθεια βασικοῦ ἐξοπλισμοῦ. Οἱ προσφορές θά γίνονται δεκτές μέχρι τίς 13 Φεβρουαρίου 1979.

Ἡ Ἑλληνική Τράπεζα Βιομηχανικῆς Ἀναπτύξεως προκηρύσσει διαγωνισμό γιά τήν προμήθεια βασικοῦ ἐξοπλισμοῦ. Οἱ προσφορές θά γίνονται δεκτές μέχρι τίς 13 Φεβρουαρίου 1979.

ἀνοδεύθα
Τά καλύτερα του κόσμου
Ρώσικα βότκα BAIKAL
της Στεολ ΕΙΣΑΓΩΓΗΣ
ΝΑ ΠΑΡΑΛΑΒΗ
ΜΟΝΟΚΑΝΑ ΔΙΚΑΝΑ ΣΟΥΠΕΡ ΠΟΖΕ ΚΑΡΑΜΠΙΝΕΣ
12, 16 Cal
25 ΧΡΟΝΙΑ
ΔΙΑΡΚΗΣ ΕΚΘΕΣΙΣ ΗΛΕΚΤΡΟΜΕΙΠΟΡΙΚΗ Ε.Π.Ε. Στεολ
Τό
ΑΝ
ΑΥ
ΑΠ
